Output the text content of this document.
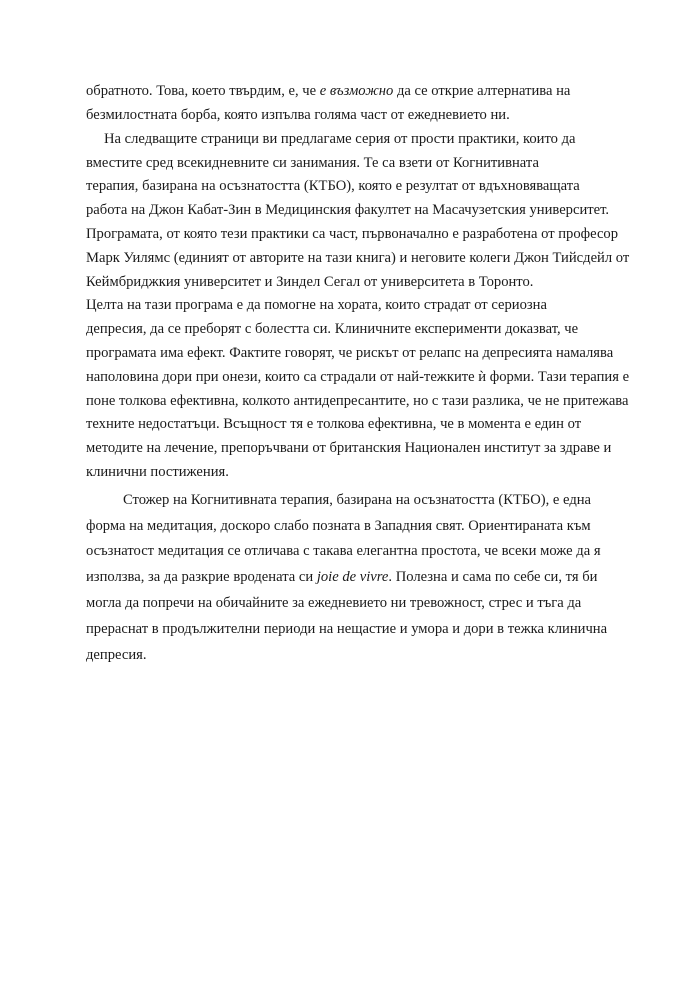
обратното. Това, което твърдим, е, че е възможно да се открие алтернатива на
безмилостната борба, която изпълва голяма част от ежедневието ни.
На следващите страници ви предлагаме серия от прости практики, които да
вместите сред всекидневните си занимания. Те са взети от Когнитивната
терапия, базирана на осъзнатостта (КТБО), която е резултат от вдъхновяващата
работа на Джон Кабат-Зин в Медицинския факултет на Масачузетския университет.
Програмата, от която тези практики са част, първоначално е разработена от професор
Марк Уилямс (единият от авторите на тази книга) и неговите колеги Джон Тийсдейл от
Кеймбриджкия университет и Зиндел Сегал от университета в Торонто.
Целта на тази програма е да помогне на хората, които страдат от сериозна
депресия, да се преборят с болестта си. Клиничните експерименти доказват, че
програмата има ефект. Фактите говорят, че рискът от релапс на депресията намалява
наполовина дори при онези, които са страдали от най-тежките ѝ форми. Тази терапия е
поне толкова ефективна, колкото антидепресантите, но с тази разлика, че не притежава
техните недостатъци. Всъщност тя е толкова ефективна, че в момента е един от
методите на лечение, препоръчвани от британския Национален институт за здраве и
клинични постижения.
Стожер на Когнитивната терапия, базирана на осъзнатостта (КТБО), е една
форма на медитация, доскоро слабо позната в Западния свят. Ориентираната към
осъзнатост медитация се отличава с такава елегантна простота, че всеки може да я
използва, за да разкрие вродената си joie de vivre. Полезна и сама по себе си, тя би
могла да попречи на обичайните за ежедневието ни тревожност, стрес и тъга да
прераснат в продължителни периоди на нещастие и умора и дори в тежка клинична
депресия.
